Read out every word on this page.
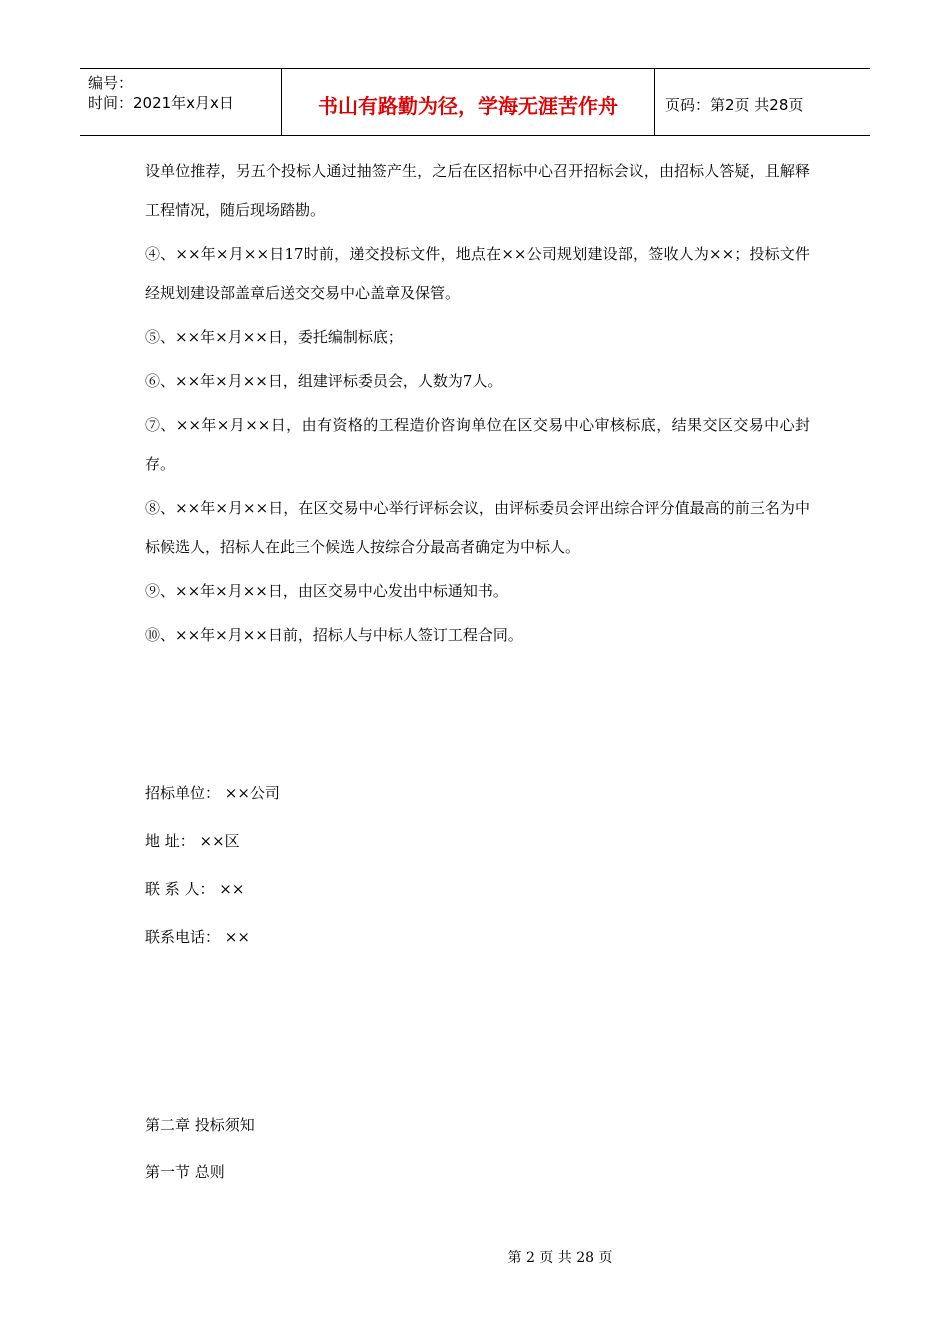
编号：
时间：2021年x月x日	书山有路勤为径，学海无涯苦作舟	页码：第2页 共28页

设单位推荐，另五个投标人通过抽签产生，之后在区招标中心召开招标会议，由招标人答疑，且解释工程情况，随后现场踏勘。

④、××年×月××日17时前，递交投标文件，地点在××公司规划建设部，签收人为××；投标文件经规划建设部盖章后送交交易中心盖章及保管。

⑤、××年×月××日，委托编制标底；

⑥、××年×月××日，组建评标委员会，人数为7人。

⑦、××年×月××日，由有资格的工程造价咨询单位在区交易中心审核标底，结果交区交易中心封存。

⑧、××年×月××日，在区交易中心举行评标会议，由评标委员会评出综合评分值最高的前三名为中标候选人，招标人在此三个候选人按综合分最高者确定为中标人。

⑨、××年×月××日，由区交易中心发出中标通知书。

⑩、××年×月××日前，招标人与中标人签订工程合同。

招标单位： ××公司
地 址： ××区
联 系 人： ××
联系电话： ××
第二章 投标须知
第一节 总则
第 2 页 共 28 页
